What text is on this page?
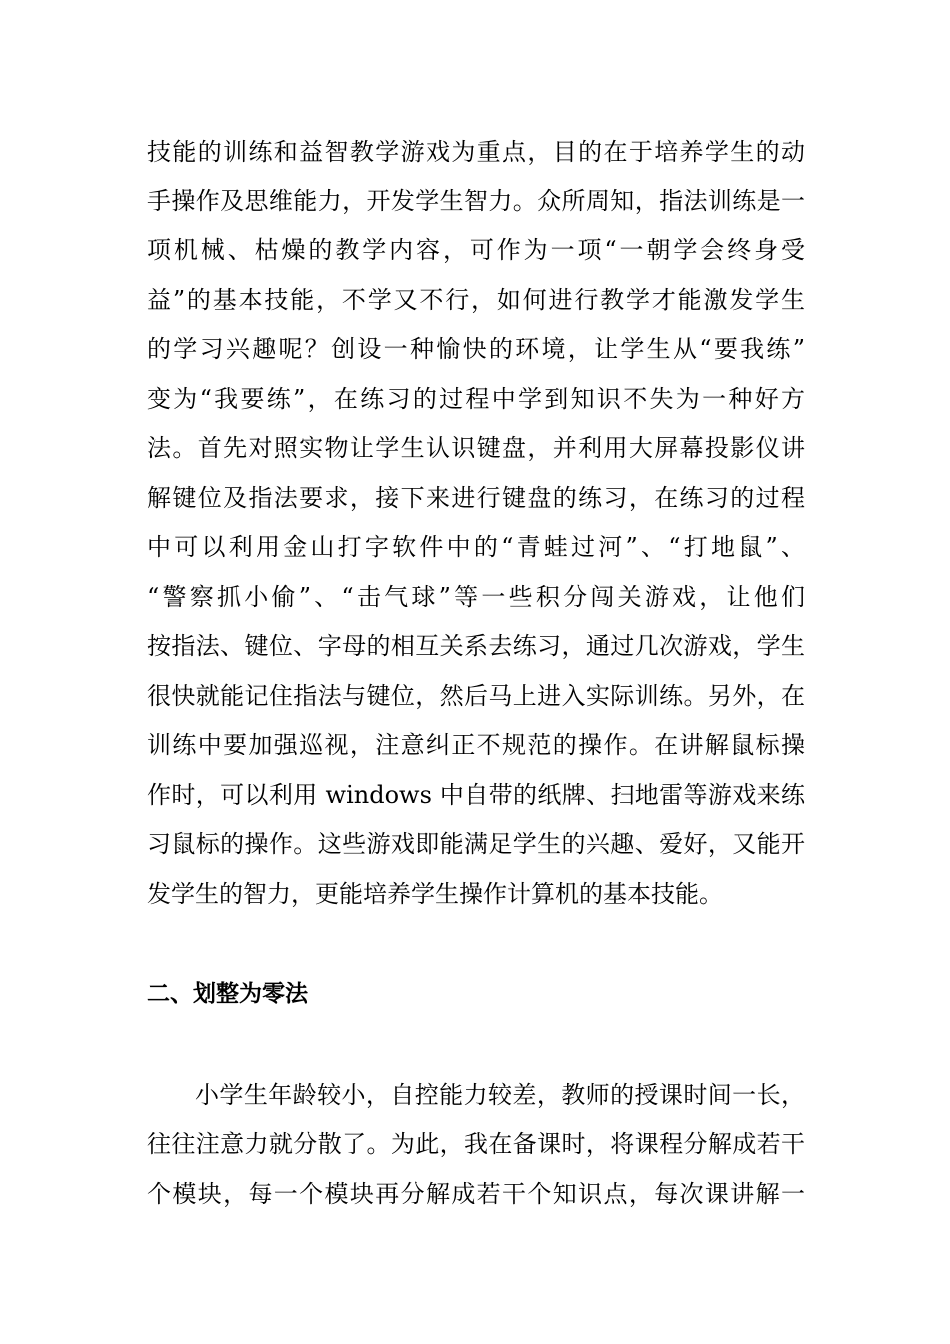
技能的训练和益智教学游戏为重点，目的在于培养学生的动
手操作及思维能力，开发学生智力。众所周知，指法训练是一
项机械、枯燥的教学内容，可作为一项“一朝学会终身受
益”的基本技能，不学又不行，如何进行教学才能激发学生
的学习兴趣呢？创设一种愉快的环境，让学生从“要我练”
变为“我要练”，在练习的过程中学到知识不失为一种好方
法。首先对照实物让学生认识键盘，并利用大屏幕投影仪讲
解键位及指法要求，接下来进行键盘的练习，在练习的过程
中可以利用金山打字软件中的“青蛙过河”、“打地鼠”、
“警察抓小偷”、“击气球”等一些积分闯关游戏，让他们
按指法、键位、字母的相互关系去练习，通过几次游戏，学生
很快就能记住指法与键位，然后马上进入实际训练。另外，在
训练中要加强巡视，注意纠正不规范的操作。在讲解鼠标操
作时，可以利用 windows 中自带的纸牌、扫地雷等游戏来练
习鼠标的操作。这些游戏即能满足学生的兴趣、爱好，又能开
发学生的智力，更能培养学生操作计算机的基本技能。
二、划整为零法
小学生年龄较小，自控能力较差，教师的授课时间一长，
往往注意力就分散了。为此，我在备课时，将课程分解成若干
个模块，每一个模块再分解成若干个知识点，每次课讲解一
